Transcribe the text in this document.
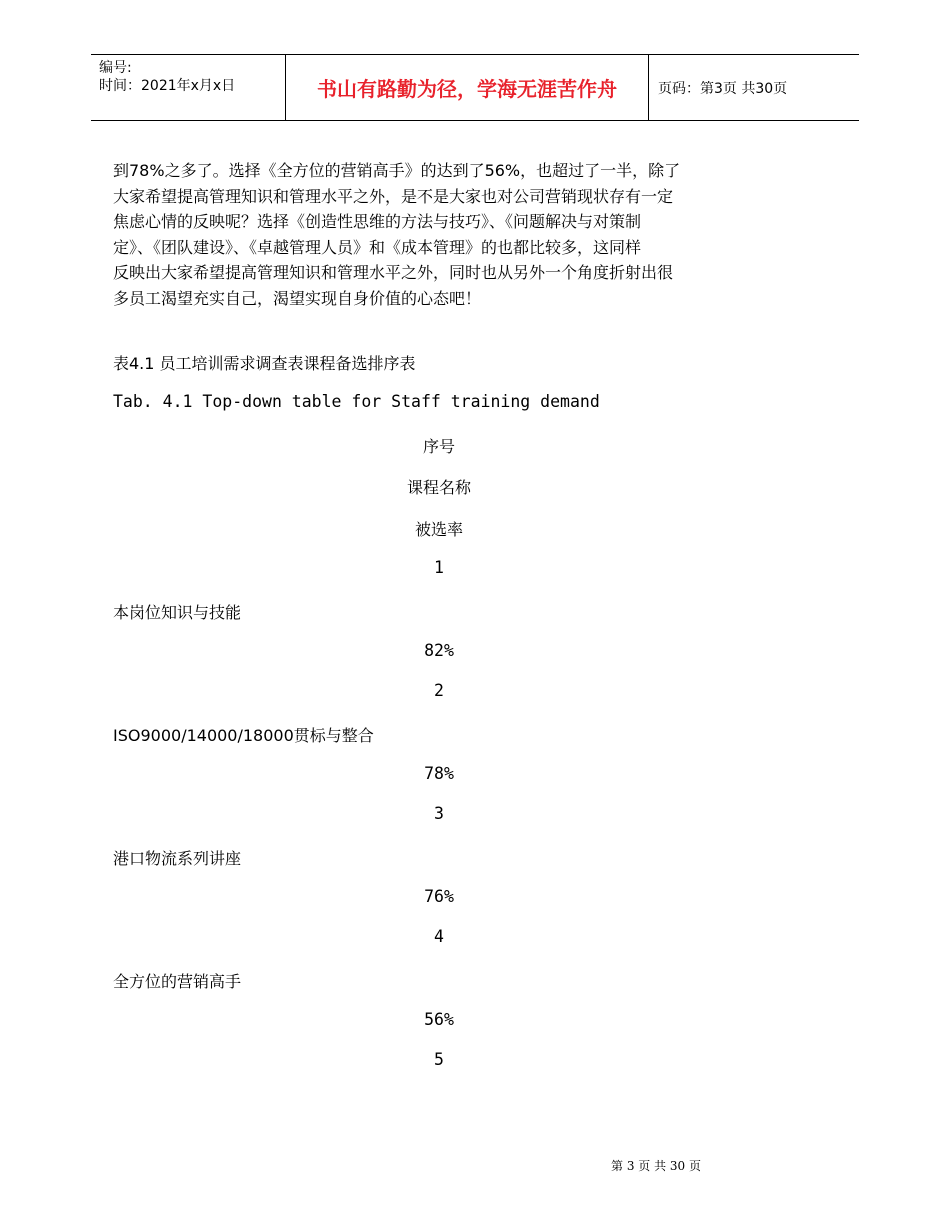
编号:
时间：2021年x月x日	书山有路勤为径，学海无涯苦作舟	页码：第3页 共30页

到78%之多了。选择《全方位的营销高手》的达到了56%，也超过了一半，除了

大家希望提高管理知识和管理水平之外，是不是大家也对公司营销现状存有一定

焦虑心情的反映呢？选择《创造性思维的方法与技巧》、《问题解决与对策制

定》、《团队建设》、《卓越管理人员》和《成本管理》的也都比较多，这同样

反映出大家希望提高管理知识和管理水平之外，同时也从另外一个角度折射出很

多员工渴望充实自己，渴望实现自身价值的心态吧！

表4.1 员工培训需求调查表课程备选排序表
Tab. 4.1 Top-down table for Staff training demand
序号
课程名称
被选率
1
本岗位知识与技能
82%
2
ISO9000/14000/18000贯标与整合
78%
3
港口物流系列讲座
76%
4
全方位的营销高手
56%
5
第 3 页 共 30 页
